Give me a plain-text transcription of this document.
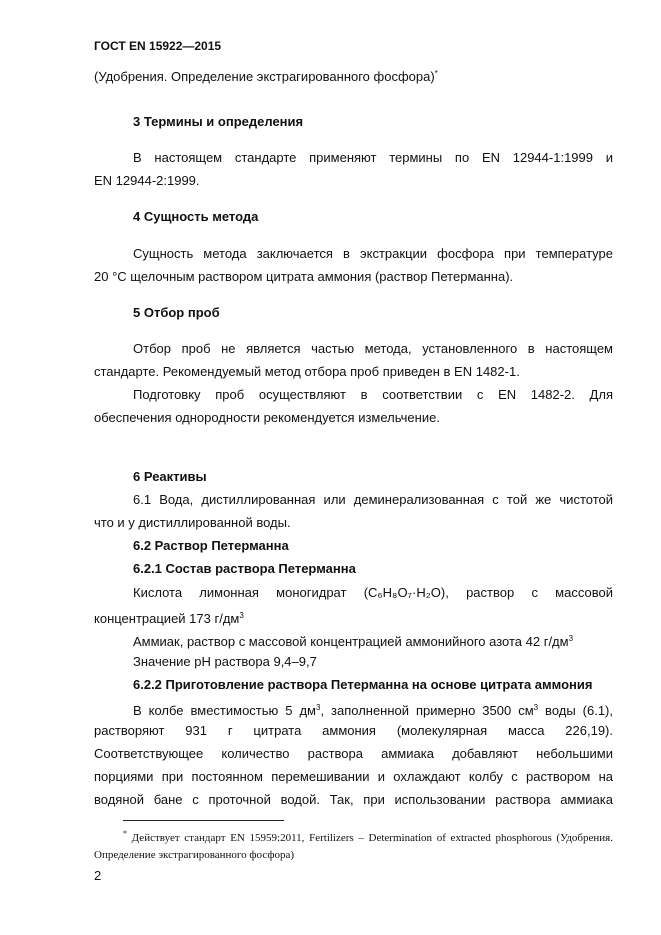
ГОСТ EN 15922—2015
(Удобрения. Определение экстрагированного фосфора)*
3 Термины и определения
В настоящем стандарте применяют термины по EN 12944-1:1999 и
EN 12944-2:1999.
4 Сущность метода
Сущность метода заключается в экстракции фосфора при температуре
20 °С щелочным раствором цитрата аммония (раствор Петерманна).
5 Отбор проб
Отбор проб не является частью метода, установленного в настоящем
стандарте. Рекомендуемый метод отбора проб приведен в EN 1482-1.
Подготовку проб осуществляют в соответствии с EN 1482-2. Для
обеспечения однородности рекомендуется измельчение.
6 Реактивы
6.1 Вода, дистиллированная или деминерализованная с той же чистотой
что и у дистиллированной воды.
6.2 Раствор Петерманна
6.2.1 Состав раствора Петерманна
Кислота лимонная моногидрат (C₆H₈O₇·H₂O), раствор с массовой
концентрацией 173 $г/дм^3$
Аммиак, раствор с массовой концентрацией аммонийного азота 42 $г/дм^3$
Значение pH раствора 9,4–9,7
6.2.2 Приготовление раствора Петерманна на основе цитрата аммония
В колбе вместимостью 5 $дм^3$, заполненной примерно 3500 $см^3$ воды (6.1),
растворяют 931 г цитрата аммония (молекулярная масса 226,19).
Соответствующее количество раствора аммиака добавляют небольшими
порциями при постоянном перемешивании и охлаждают колбу с раствором на
водяной бане с проточной водой. Так, при использовании раствора аммиака
* Действует стандарт EN 15959:2011, Fertilizers – Determination of extracted phosphorous (Удобрения.
Определение экстрагированного фосфора)
2
